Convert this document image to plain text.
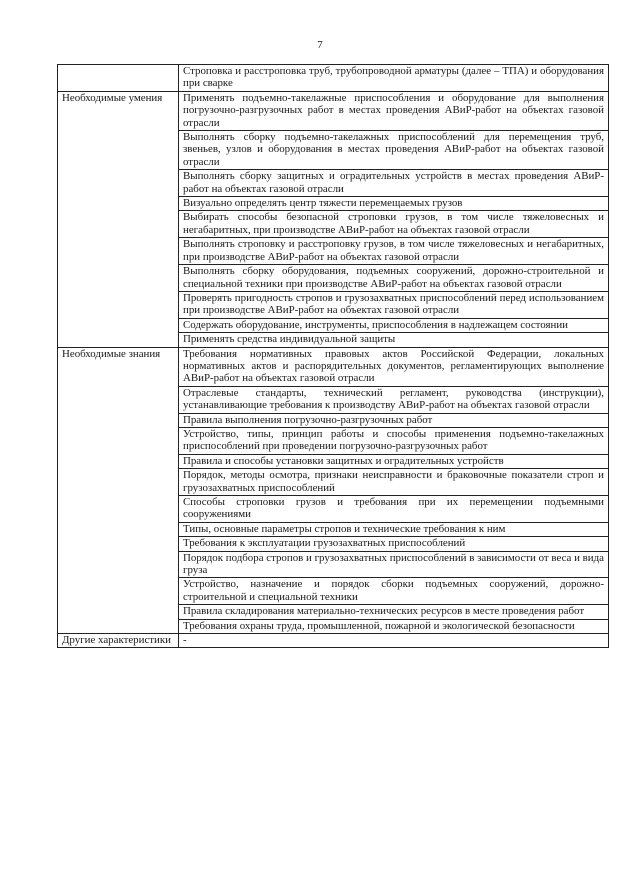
7
	Строповка и расстроповка труб, трубопроводной арматуры (далее – ТПА) и оборудования при сварке
Необходимые умения	Применять подъемно-такелажные приспособления и оборудование для выполнения погрузочно-разгрузочных работ в местах проведения АВиР-работ на объектах газовой отрасли
	Выполнять сборку подъемно-такелажных приспособлений для перемещения труб, звеньев, узлов и оборудования в местах проведения АВиР-работ на объектах газовой отрасли
	Выполнять сборку защитных и оградительных устройств в местах проведения АВиР-работ на объектах газовой отрасли
	Визуально определять центр тяжести перемещаемых грузов
	Выбирать способы безопасной строповки грузов, в том числе тяжеловесных и негабаритных, при производстве АВиР-работ на объектах газовой отрасли
	Выполнять строповку и расстроповку грузов, в том числе тяжеловесных и негабаритных, при производстве АВиР-работ на объектах газовой отрасли
	Выполнять сборку оборудования, подъемных сооружений, дорожно-строительной и специальной техники при производстве АВиР-работ на объектах газовой отрасли
	Проверять пригодность стропов и грузозахватных приспособлений перед использованием при производстве АВиР-работ на объектах газовой отрасли
	Содержать оборудование, инструменты, приспособления в надлежащем состоянии
	Применять средства индивидуальной защиты
Необходимые знания	Требования нормативных правовых актов Российской Федерации, локальных нормативных актов и распорядительных документов, регламентирующих выполнение АВиР-работ на объектах газовой отрасли
	Отраслевые стандарты, технический регламент, руководства (инструкции), устанавливающие требования к производству АВиР-работ на объектах газовой отрасли
	Правила выполнения погрузочно-разгрузочных работ
	Устройство, типы, принцип работы и способы применения подъемно-такелажных приспособлений при проведении погрузочно-разгрузочных работ
	Правила и способы установки защитных и оградительных устройств
	Порядок, методы осмотра, признаки неисправности и браковочные показатели строп и грузозахватных приспособлений
	Способы строповки грузов и требования при их перемещении подъемными сооружениями
	Типы, основные параметры стропов и технические требования к ним
	Требования к эксплуатации грузозахватных приспособлений
	Порядок подбора стропов и грузозахватных приспособлений в зависимости от веса и вида груза
	Устройство, назначение и порядок сборки подъемных сооружений, дорожно-строительной и специальной техники
	Правила складирования материально-технических ресурсов в месте проведения работ
	Требования охраны труда, промышленной, пожарной и экологической безопасности
Другие характеристики	-
